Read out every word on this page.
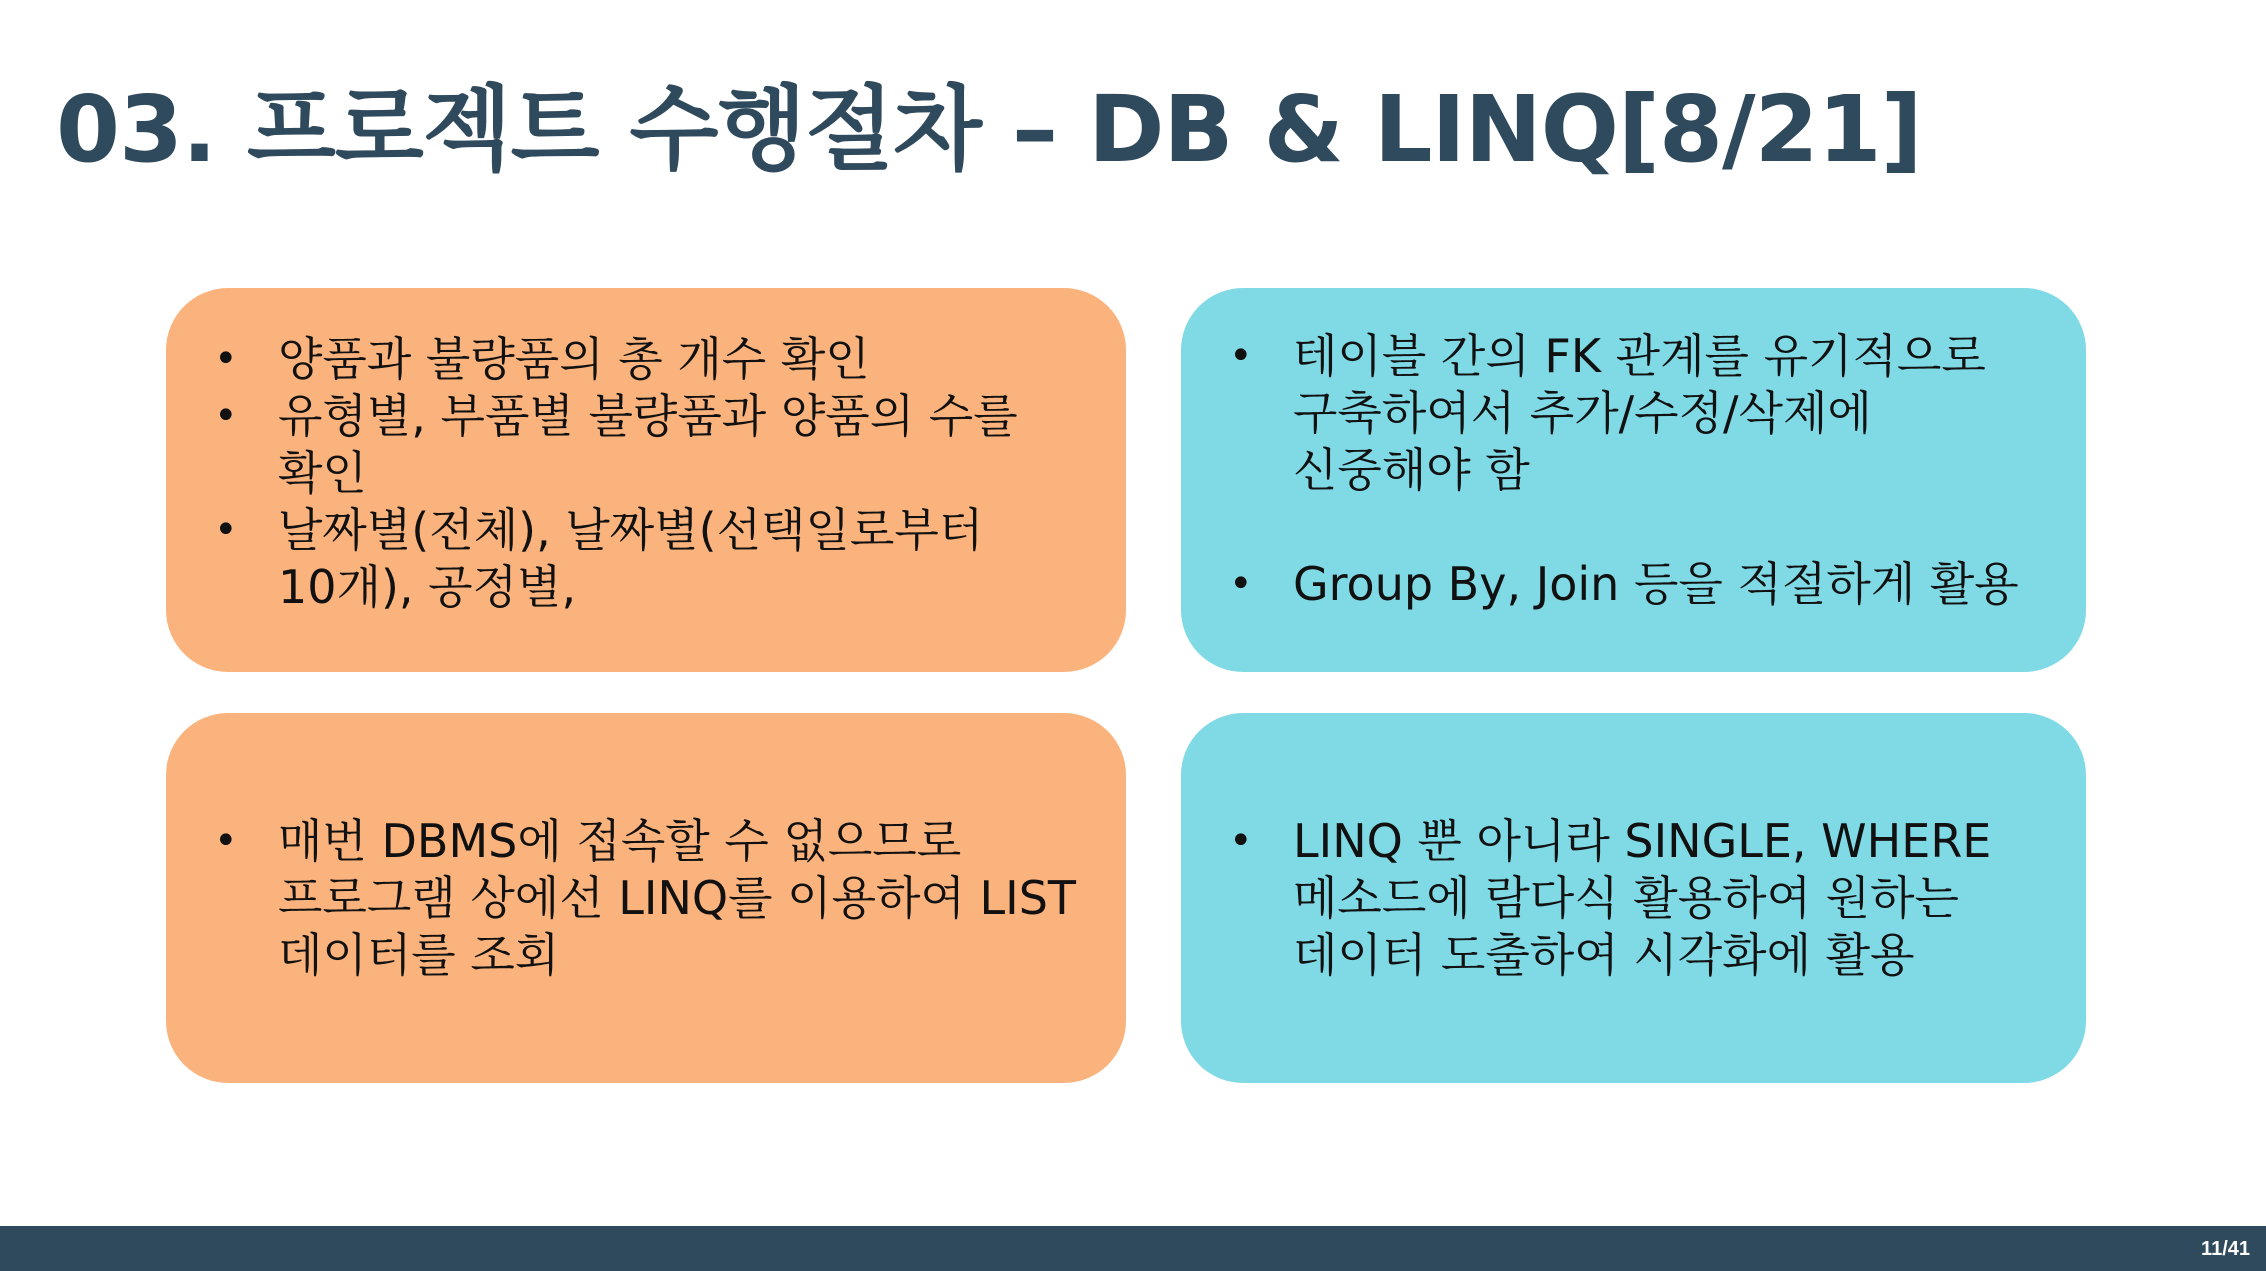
03. 프로젝트 수행절차 – DB & LINQ[8/21]
• 양품과 불량품의 총 개수 확인
• 유형별, 부품별 불량품과 양품의 수를
확인
• 날짜별(전체), 날짜별(선택일로부터
10개), 공정별,
• 테이블 간의 FK 관계를 유기적으로
구축하여서 추가/수정/삭제에
신중해야 함
• Group By, Join 등을 적절하게 활용
• 매번 DBMS에 접속할 수 없으므로
프로그램 상에선 LINQ를 이용하여 LIST
데이터를 조회
• LINQ 뿐 아니라 SINGLE, WHERE
메소드에 람다식 활용하여 원하는
데이터 도출하여 시각화에 활용
11/41
